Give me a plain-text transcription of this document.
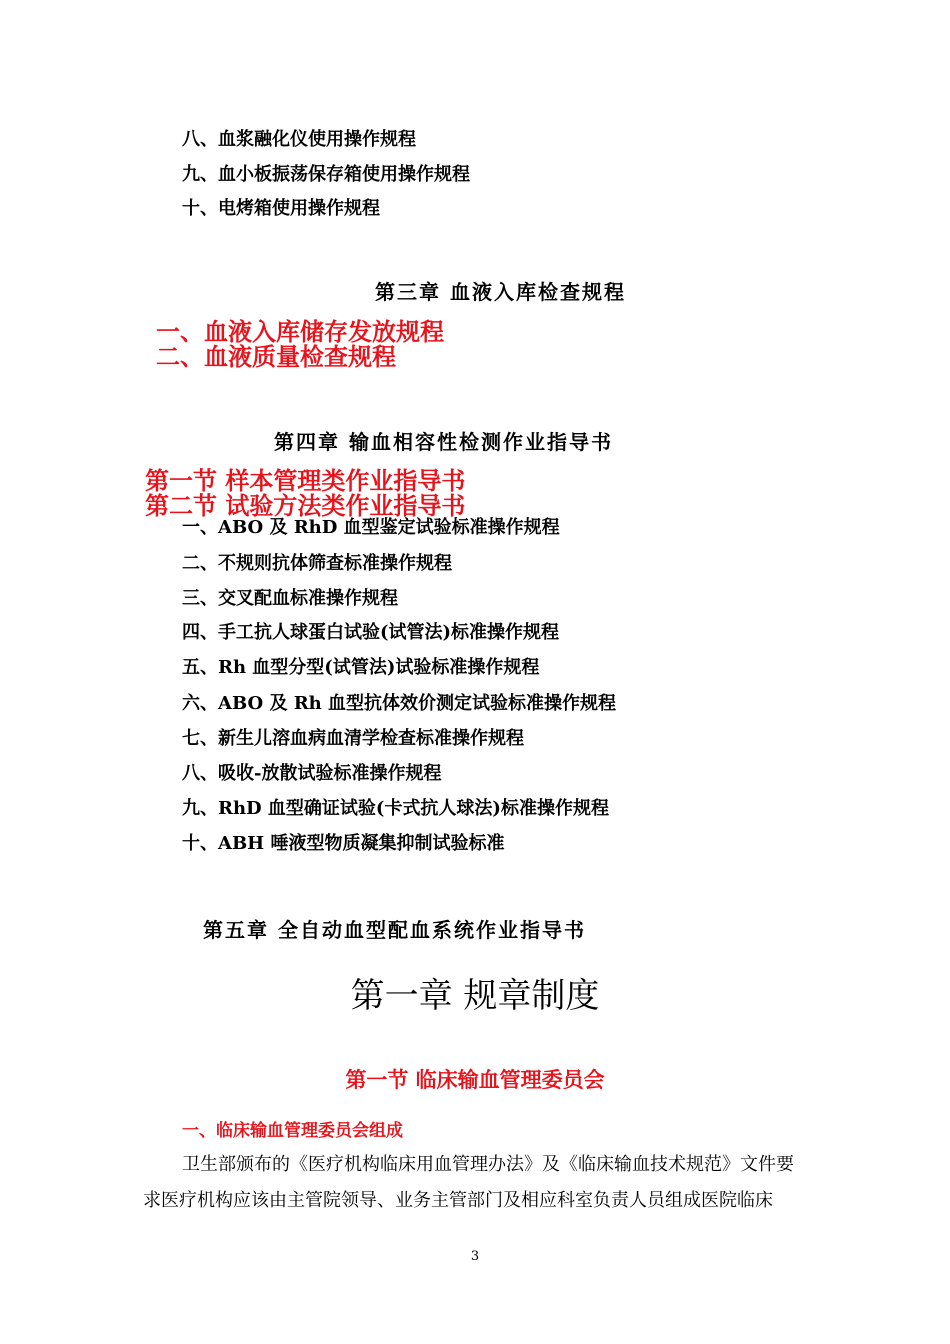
八、血浆融化仪使用操作规程
九、血小板振荡保存箱使用操作规程
十、电烤箱使用操作规程
第三章 血液入库检查规程
一、血液入库储存发放规程
二、血液质量检查规程
第四章 输血相容性检测作业指导书
第一节 样本管理类作业指导书
第二节 试验方法类作业指导书
一、ABO 及 RhD 血型鉴定试验标准操作规程
二、不规则抗体筛查标准操作规程
三、交叉配血标准操作规程
四、手工抗人球蛋白试验(试管法)标准操作规程
五、Rh 血型分型(试管法)试验标准操作规程
六、ABO 及 Rh 血型抗体效价测定试验标准操作规程
七、新生儿溶血病血清学检查标准操作规程
八、吸收-放散试验标准操作规程
九、RhD 血型确证试验(卡式抗人球法)标准操作规程
十、ABH 唾液型物质凝集抑制试验标准
第五章 全自动血型配血系统作业指导书
第一章 规章制度
第一节 临床输血管理委员会
一、临床输血管理委员会组成
卫生部颁布的《医疗机构临床用血管理办法》及《临床输血技术规范》文件要
求医疗机构应该由主管院领导、业务主管部门及相应科室负责人员组成医院临床
3
